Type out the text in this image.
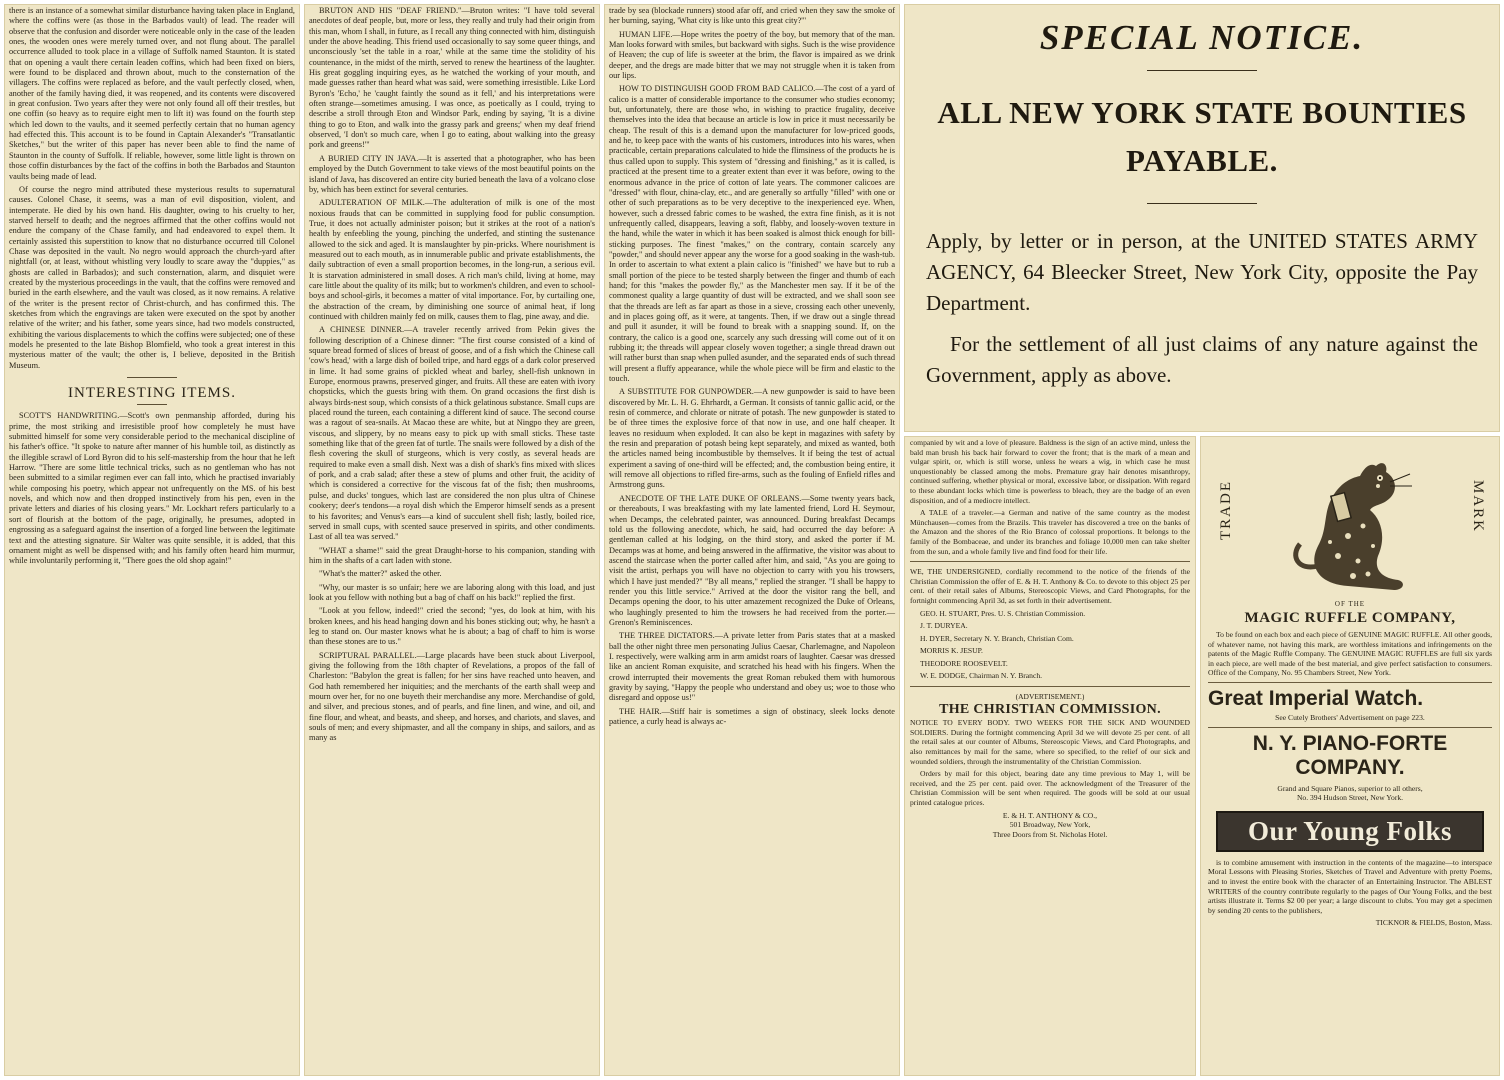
there is an instance of a somewhat similar disturbance having taken place in England, where the coffins were (as those in the Barbados vault) of lead. The reader will observe that the confusion and disorder were noticeable only in the case of the leaden ones, the wooden ones were merely turned over, and not flung about. The parallel occurrence alluded to took place in a village of Suffolk named Staunton. It is stated that on opening a vault there certain leaden coffins, which had been fixed on biers, were found to be displaced and thrown about, much to the consternation of the villagers. The coffins were replaced as before, and the vault perfectly closed, when, another of the family having died, it was reopened, and its contents were discovered in great confusion. Two years after they were not only found all off their trestles, but one coffin (so heavy as to require eight men to lift it) was found on the fourth step which led down to the vaults, and it seemed perfectly certain that no human agency had effected this. This account is to be found in Captain Alexander's "Transatlantic Sketches," but the writer of this paper has never been able to find the name of Staunton in the county of Suffolk. If reliable, however, some little light is thrown on those coffin disturbances by the fact of the coffins in both the Barbados and Staunton vaults being made of lead.

Of course the negro mind attributed these mysterious results to supernatural causes. Colonel Chase, it seems, was a man of evil disposition, violent, and intemperate. He died by his own hand. His daughter, owing to his cruelty to her, starved herself to death; and the negroes affirmed that the other coffins would not endure the company of the Chase family, and had endeavored to expel them. It certainly assisted this superstition to know that no disturbance occurred till Colonel Chase was deposited in the vault. No negro would approach the church-yard after nightfall (or, at least, without whistling very loudly to scare away the "duppies," as ghosts are called in Barbados); and such consternation, alarm, and disquiet were created by the mysterious proceedings in the vault, that the coffins were removed and buried in the earth elsewhere, and the vault was closed, as it now remains. A relative of the writer is the present rector of Christ-church, and has confirmed this. The sketches from which the engravings are taken were executed on the spot by another relative of the writer; and his father, some years since, had two models constructed, exhibiting the various displacements to which the coffins were subjected; one of these models he presented to the late Bishop Blomfield, who took a great interest in this mysterious matter of the vault; the other is, I believe, deposited in the British Museum.

INTERESTING ITEMS.

SCOTT'S HANDWRITING.—Scott's own penmanship afforded, during his prime, the most striking and irresistible proof how completely he must have submitted himself for some very considerable period to the mechanical discipline of his father's office. "It spoke to nature after manner of his humble toil, as distinctly as the illegible scrawl of Lord Byron did to his self-mastership from the hour that he left Harrow. "There are some little technical tricks, such as no gentleman who has not been submitted to a similar regimen ever can fall into, which he practised invariably while composing his poetry, which appear not unfrequently on the MS. of his best novels, and which now and then dropped instinctively from his pen, even in the private letters and diaries of his closing years." Mr. Lockhart refers particularly to a sort of flourish at the bottom of the page, originally, he presumes, adopted in engrossing as a safeguard against the insertion of a forged line between the legitimate text and the attesting signature. Sir Walter was quite sensible, it is added, that this ornament might as well be dispensed with; and his family often heard him murmur, while involuntarily performing it, "There goes the old shop again!"

BRUTON AND HIS "DEAF FRIEND."—Bruton writes: "I have told several anecdotes of deaf people, but, more or less, they really and truly had their origin from this man, whom I shall, in future, as I recall any thing connected with him, distinguish under the above heading. This friend used occasionally to say some queer things, and unconsciously 'set the table in a roar,' while at the same time the stolidity of his countenance, in the midst of the mirth, served to renew the heartiness of the laughter. His great goggling inquiring eyes, as he watched the working of your mouth, and made guesses rather than heard what was said, were something irresistible. Like Lord Byron's 'Echo,' he 'caught faintly the sound as it fell,' and his interpretations were often strange—sometimes amusing. I was once, as poetically as I could, trying to describe a stroll through Eton and Windsor Park, ending by saying, 'It is a divine thing to go to Eton, and walk into the grassy park and greens;' when my deaf friend observed, 'I don't so much care, when I go to eating, about walking into the greasy pork and greens!'"

A BURIED CITY IN JAVA.—It is asserted that a photographer, who has been employed by the Dutch Government to take views of the most beautiful points on the island of Java, has discovered an entire city buried beneath the lava of a volcano close by, which has been extinct for several centuries.

ADULTERATION OF MILK.—The adulteration of milk is one of the most noxious frauds that can be committed in supplying food for public consumption. True, it does not actually administer poison; but it strikes at the root of a nation's health by enfeebling the young, pinching the underfed, and stinting the sustenance allowed to the sick and aged. It is manslaughter by pin-pricks. Where nourishment is measured out to each mouth, as in innumerable public and private establishments, the daily subtraction of even a small proportion becomes, in the long-run, a serious evil. It is starvation administered in small doses. A rich man's child, living at home, may care little about the quality of its milk; but to workmen's children, and even to school-boys and school-girls, it becomes a matter of vital importance. For, by curtailing one, the abstraction of the cream, by diminishing one source of animal heat, if long continued with children mainly fed on milk, causes them to flag, pine away, and die.

A CHINESE DINNER.—A traveler recently arrived from Pekin gives the following description of a Chinese dinner: "The first course consisted of a kind of square bread formed of slices of breast of goose, and of a fish which the Chinese call 'cow's head,' with a large dish of boiled tripe, and hard eggs of a dark color preserved in lime. It had some grains of pickled wheat and barley, shell-fish unknown in Europe, enormous prawns, preserved ginger, and fruits. All these are eaten with ivory chopsticks, which the guests bring with them. On grand occasions the first dish is always birds-nest soup, which consists of a thick gelatinous substance. Small cups are placed round the tureen, each containing a different kind of sauce. The second course was a ragout of sea-snails. At Macao these are white, but at Ningpo they are green, viscous, and slippery, by no means easy to pick up with small sticks. These taste something like that of the green fat of turtle. The snails were followed by a dish of the flesh covering the skull of sturgeons, which is very costly, as several heads are required to make even a small dish. Next was a dish of shark's fins mixed with slices of pork, and a crab salad; after these a stew of plums and other fruit, the acidity of which is considered a corrective for the viscous fat of the fish; then mushrooms, pulse, and ducks' tongues, which last are considered the non plus ultra of Chinese cookery; deer's tendons—a royal dish which the Emperor himself sends as a present to his favorites; and Venus's ears—a kind of succulent shell fish; lastly, boiled rice, served in small cups, with scented sauce preserved in spirits, and other condiments. Last of all tea was served."

"WHAT a shame!" said the great Draught-horse to his companion, standing with him in the shafts of a cart laden with stone.

"What's the matter?" asked the other.

"Why, our master is so unfair; here we are laboring along with this load, and just look at you fellow with nothing but a bag of chaff on his back!" replied the first.

"Look at you fellow, indeed!" cried the second; "yes, do look at him, with his broken knees, and his head hanging down and his bones sticking out; why, he hasn't a leg to stand on. Our master knows what he is about; a bag of chaff to him is worse than these stones are to us."

SCRIPTURAL PARALLEL.—Large placards have been stuck about Liverpool, giving the following from the 18th chapter of Revelations, a propos of the fall of Charleston: "Babylon the great is fallen; for her sins have reached unto heaven, and God hath remembered her iniquities; and the merchants of the earth shall weep and mourn over her, for no one buyeth their merchandise any more. Merchandise of gold, and silver, and precious stones, and of pearls, and fine linen, and wine, and oil, and fine flour, and wheat, and beasts, and sheep, and horses, and chariots, and slaves, and souls of men; and every shipmaster, and all the company in ships, and sailors, and as many as

trade by sea (blockade runners) stood afar off, and cried when they saw the smoke of her burning, saying, 'What city is like unto this great city?'"

HUMAN LIFE.—Hope writes the poetry of the boy, but memory that of the man. Man looks forward with smiles, but backward with sighs. Such is the wise providence of Heaven; the cup of life is sweeter at the brim, the flavor is impaired as we drink deeper, and the dregs are made bitter that we may not struggle when it is taken from our lips.

HOW TO DISTINGUISH GOOD FROM BAD CALICO.—The cost of a yard of calico is a matter of considerable importance to the consumer who studies economy; but, unfortunately, there are those who, in wishing to practice frugality, deceive themselves into the idea that because an article is low in price it must necessarily be cheap. The result of this is a demand upon the manufacturer for low-priced goods, and he, to keep pace with the wants of his customers, introduces into his wares, when practicable, certain preparations calculated to hide the flimsiness of the products he is thus called upon to supply. This system of "dressing and finishing," as it is called, is practiced at the present time to a greater extent than ever it was before, owing to the enormous advance in the price of cotton of late years. The commoner calicoes are "dressed" with flour, china-clay, etc., and are generally so artfully "filled" with one or other of such preparations as to be very deceptive to the inexperienced eye. When, however, such a dressed fabric comes to be washed, the extra fine finish, as it is not unfrequently called, disappears, leaving a soft, flabby, and loosely-woven texture in the hand, while the water in which it has been soaked is almost thick enough for bill-sticking purposes. The finest "makes," on the contrary, contain scarcely any "powder," and should never appear any the worse for a good soaking in the wash-tub. In order to ascertain to what extent a plain calico is "finished" we have but to rub a small portion of the piece to be tested sharply between the finger and thumb of each hand; for this "makes the powder fly," as the Manchester men say. If it be of the commonest quality a large quantity of dust will be extracted, and we shall soon see that the threads are left as far apart as those in a sieve, crossing each other unevenly, and in places going off, as it were, at tangents. Then, if we draw out a single thread and pull it asunder, it will be found to break with a snapping sound. If, on the contrary, the calico is a good one, scarcely any such dressing will come out of it on rubbing it; the threads will appear closely woven together; a single thread drawn out will rather burst than snap when pulled asunder, and the separated ends of such thread will present a fluffy appearance, while the whole piece will be firm and elastic to the touch.

A SUBSTITUTE FOR GUNPOWDER.—A new gunpowder is said to have been discovered by Mr. L. H. G. Ehrhardt, a German. It consists of tannic gallic acid, or the resin of commerce, and chlorate or nitrate of potash. The new gunpowder is stated to be of three times the explosive force of that now in use, and one half cheaper. It leaves no residuum when exploded. It can also be kept in magazines with safety by the resin and preparation of potash being kept separately, and mixed as wanted, both the articles named being incombustible by themselves. It if being the test of actual experiment a saving of one-third will be effected; and, the combustion being entire, it will remove all objections to rifled fire-arms, such as the fouling of Enfield rifles and Armstrong guns.

ANECDOTE OF THE LATE DUKE OF ORLEANS.—Some twenty years back, or thereabouts, I was breakfasting with my late lamented friend, Lord H. Seymour, when Decamps, the celebrated painter, was announced. During breakfast Decamps told us the following anecdote, which, he said, had occurred the day before: A gentleman called at his lodging, on the third story, and asked the porter if M. Decamps was at home, and being answered in the affirmative, the visitor was about to ascend the staircase when the porter called after him, and said, "As you are going to visit the artist, perhaps you will have no objection to carry with you his trowsers, which I have just mended?" "By all means," replied the stranger. "I shall be happy to render you this little service." Arrived at the door the visitor rang the bell, and Decamps opening the door, to his utter amazement recognized the Duke of Orleans, who laughingly presented to him the trowsers he had received from the porter.—Grenon's Reminiscences.

THE THREE DICTATORS.—A private letter from Paris states that at a masked ball the other night three men personating Julius Caesar, Charlemagne, and Napoleon I. respectively, were walking arm in arm amidst roars of laughter. Caesar was dressed like an ancient Roman exquisite, and scratched his head with his fingers. When the crowd interrupted their movements the great Roman rebuked them with humorous gravity by saying, "Happy the people who understand and obey us; woe to those who disregard and oppose us!"

THE HAIR.—Stiff hair is sometimes a sign of obstinacy, sleek locks denote patience, a curly head is always ac-

SPECIAL NOTICE.
ALL NEW YORK STATE BOUNTIES PAYABLE.

Apply, by letter or in person, at the UNITED STATES ARMY AGENCY, 64 Bleecker Street, New York City, opposite the Pay Department.

For the settlement of all just claims of any nature against the Government, apply as above.

companied by wit and a love of pleasure. Baldness is the sign of an active mind, unless the bald man brush his back hair forward to cover the front; that is the mark of a mean and vulgar spirit, or, which is still worse, unless he wears a wig, in which case he must unquestionably be classed among the mobs. Premature gray hair denotes misanthropy, continued suffering, whether physical or moral, excessive labor, or dissipation. With regard to these abundant locks which time is powerless to bleach, they are the badge of an even disposition, and of a mediocre intellect.

A TALE of a traveler.—a German and native of the same country as the modest Münchausen—comes from the Brazils. This traveler has discovered a tree on the banks of the Amazon and the shores of the Rio Branco of colossal proportions. It belongs to the family of the Bombaceae, and under its branches and foliage 10,000 men can take shelter from the sun, and a whole family live and find food for their life.

WE, THE UNDERSIGNED, cordially recommend to the notice of the friends of the Christian Commission the offer of E. & H. T. Anthony & Co. to devote to this object 25 per cent. of their retail sales of Albums, Stereoscopic Views, and Card Photographs, for the fortnight commencing April 3d, as set forth in their advertisement.

GEO. H. STUART, Pres. U. S. Christian Commission.

J. T. DURYEA.

H. DYER, Secretary N. Y. Branch, Christian Com.

MORRIS K. JESUP.

THEODORE ROOSEVELT.

W. E. DODGE, Chairman N. Y. Branch.

(ADVERTISEMENT.)
THE CHRISTIAN COMMISSION.

NOTICE TO EVERY BODY. TWO WEEKS FOR THE SICK AND WOUNDED SOLDIERS. During the fortnight commencing April 3d we will devote 25 per cent. of all the retail sales at our counter of Albums, Stereoscopic Views, and Card Photographs, and also remittances by mail for the same, where so specified, to the relief of our sick and wounded soldiers, through the instrumentality of the Christian Commission.

Orders by mail for this object, bearing date any time previous to May 1, will be received, and the 25 per cent. paid over. The acknowledgment of the Treasurer of the Christian Commission will be sent when required. The goods will be sold at our usual printed catalogue prices.

E. & H. T. ANTHONY & CO.,

501 Broadway, New York,

Three Doors from St. Nicholas Hotel.

TRADE	MARK
OF THE
MAGIC RUFFLE COMPANY,

To be found on each box and each piece of GENUINE MAGIC RUFFLE. All other goods, of whatever name, not having this mark, are worthless imitations and infringements on the patents of the Magic Ruffle Company. The GENUINE MAGIC RUFFLES are full six yards in each piece, are well made of the best material, and give perfect satisfaction to consumers. Office of the Company, No. 95 Chambers Street, New York.

Great Imperial Watch.
See Cutely Brothers' Advertisement on page 223.
N. Y. PIANO-FORTE
COMPANY.
Grand and Square Pianos, superior to all others,
No. 394 Hudson Street, New York.
Our Young Folks

is to combine amusement with instruction in the contents of the magazine—to interspace Moral Lessons with Pleasing Stories, Sketches of Travel and Adventure with pretty Poems, and to invest the entire book with the character of an Entertaining Instructor. The ABLEST WRITERS of the country contribute regularly to the pages of Our Young Folks, and the best artists illustrate it. Terms $2 00 per year; a large discount to clubs. You may get a specimen by sending 20 cents to the publishers,

TICKNOR & FIELDS, Boston, Mass.
